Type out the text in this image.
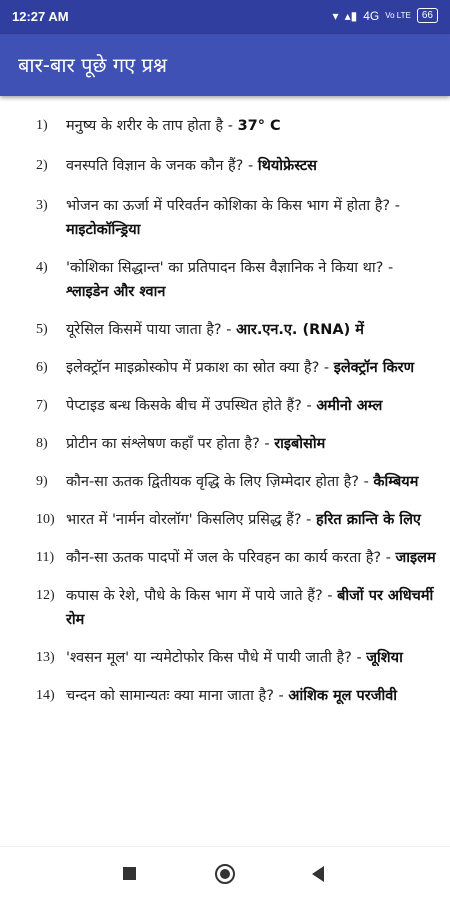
12:27 AM	▾ ▴▮ 4G Vo LTE	66
बार-बार पूछे गए प्रश्न
1) मनुष्य के शरीर के ताप होता है - 37° C
2) वनस्पति विज्ञान के जनक कौन हैं? - थियोफ्रेस्टस
3) भोजन का ऊर्जा में परिवर्तन कोशिका के किस भाग में होता है? - माइटोकॉन्ड्रिया
4) 'कोशिका सिद्धान्त' का प्रतिपादन किस वैज्ञानिक ने किया था? - श्लाइडेन और श्वान
5) यूरेसिल किसमें पाया जाता है? - आर.एन.ए. (RNA) में
6) इलेक्ट्रॉन माइक्रोस्कोप में प्रकाश का स्रोत क्या है? - इलेक्ट्रॉन किरण
7) पेप्टाइड बन्ध किसके बीच में उपस्थित होते हैं? - अमीनो अम्ल
8) प्रोटीन का संश्लेषण कहाँ पर होता है? - राइबोसोम
9) कौन-सा ऊतक द्वितीयक वृद्धि के लिए ज़िम्मेदार होता है? - कैम्बियम
10) भारत में 'नार्मन वोरलॉग' किसलिए प्रसिद्ध हैं? - हरित क्रान्ति के लिए
11) कौन-सा ऊतक पादपों में जल के परिवहन का कार्य करता है? - जाइलम
12) कपास के रेशे, पौधे के किस भाग में पाये जाते हैं? - बीजों पर अधिचर्मी रोम
13) 'श्वसन मूल' या न्यमेटोफोर किस पौधे में पायी जाती है? - जूशिया
14) चन्दन को सामान्यतः क्या माना जाता है? - आंशिक मूल परजीवी
